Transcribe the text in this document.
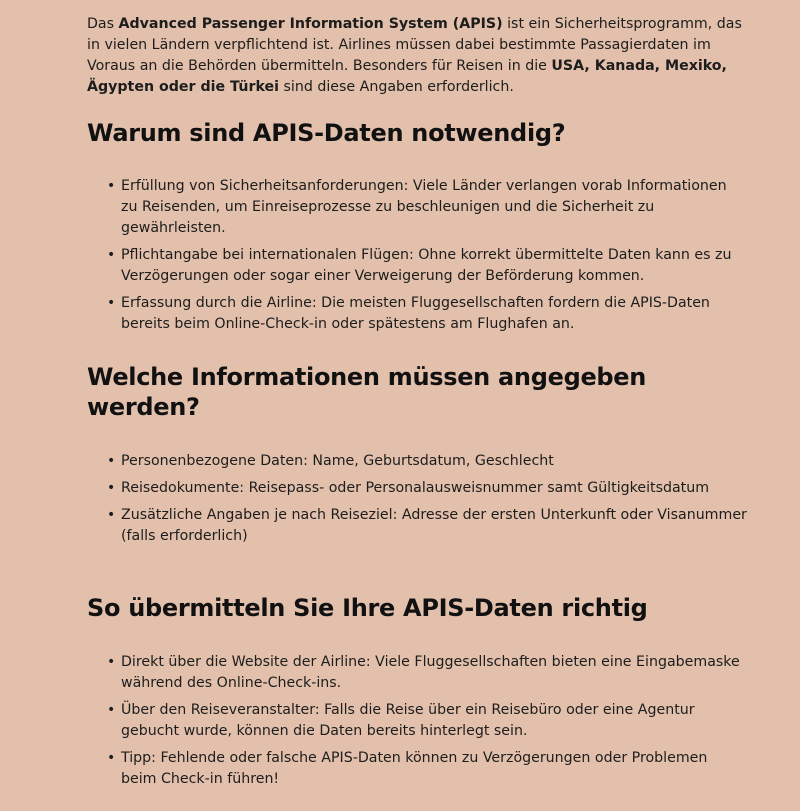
Das Advanced Passenger Information System (APIS) ist ein Sicherheitsprogramm, das in vielen Ländern verpflichtend ist. Airlines müssen dabei bestimmte Passagierdaten im Voraus an die Behörden übermitteln. Besonders für Reisen in die USA, Kanada, Mexiko, Ägypten oder die Türkei sind diese Angaben erforderlich.

Warum sind APIS-Daten notwendig?
• Erfüllung von Sicherheitsanforderungen: Viele Länder verlangen vorab Informationen zu Reisenden, um Einreiseprozesse zu beschleunigen und die Sicherheit zu gewährleisten.
• Pflichtangabe bei internationalen Flügen: Ohne korrekt übermittelte Daten kann es zu Verzögerungen oder sogar einer Verweigerung der Beförderung kommen.
• Erfassung durch die Airline: Die meisten Fluggesellschaften fordern die APIS-Daten bereits beim Online-Check-in oder spätestens am Flughafen an.
Welche Informationen müssen angegeben werden?
• Personenbezogene Daten: Name, Geburtsdatum, Geschlecht
• Reisedokumente: Reisepass- oder Personalausweisnummer samt Gültigkeitsdatum
• Zusätzliche Angaben je nach Reiseziel: Adresse der ersten Unterkunft oder Visanummer (falls erforderlich)
So übermitteln Sie Ihre APIS-Daten richtig
• Direkt über die Website der Airline: Viele Fluggesellschaften bieten eine Eingabemaske während des Online-Check-ins.
• Über den Reiseveranstalter: Falls die Reise über ein Reisebüro oder eine Agentur gebucht wurde, können die Daten bereits hinterlegt sein.
• Tipp: Fehlende oder falsche APIS-Daten können zu Verzögerungen oder Problemen beim Check-in führen!
